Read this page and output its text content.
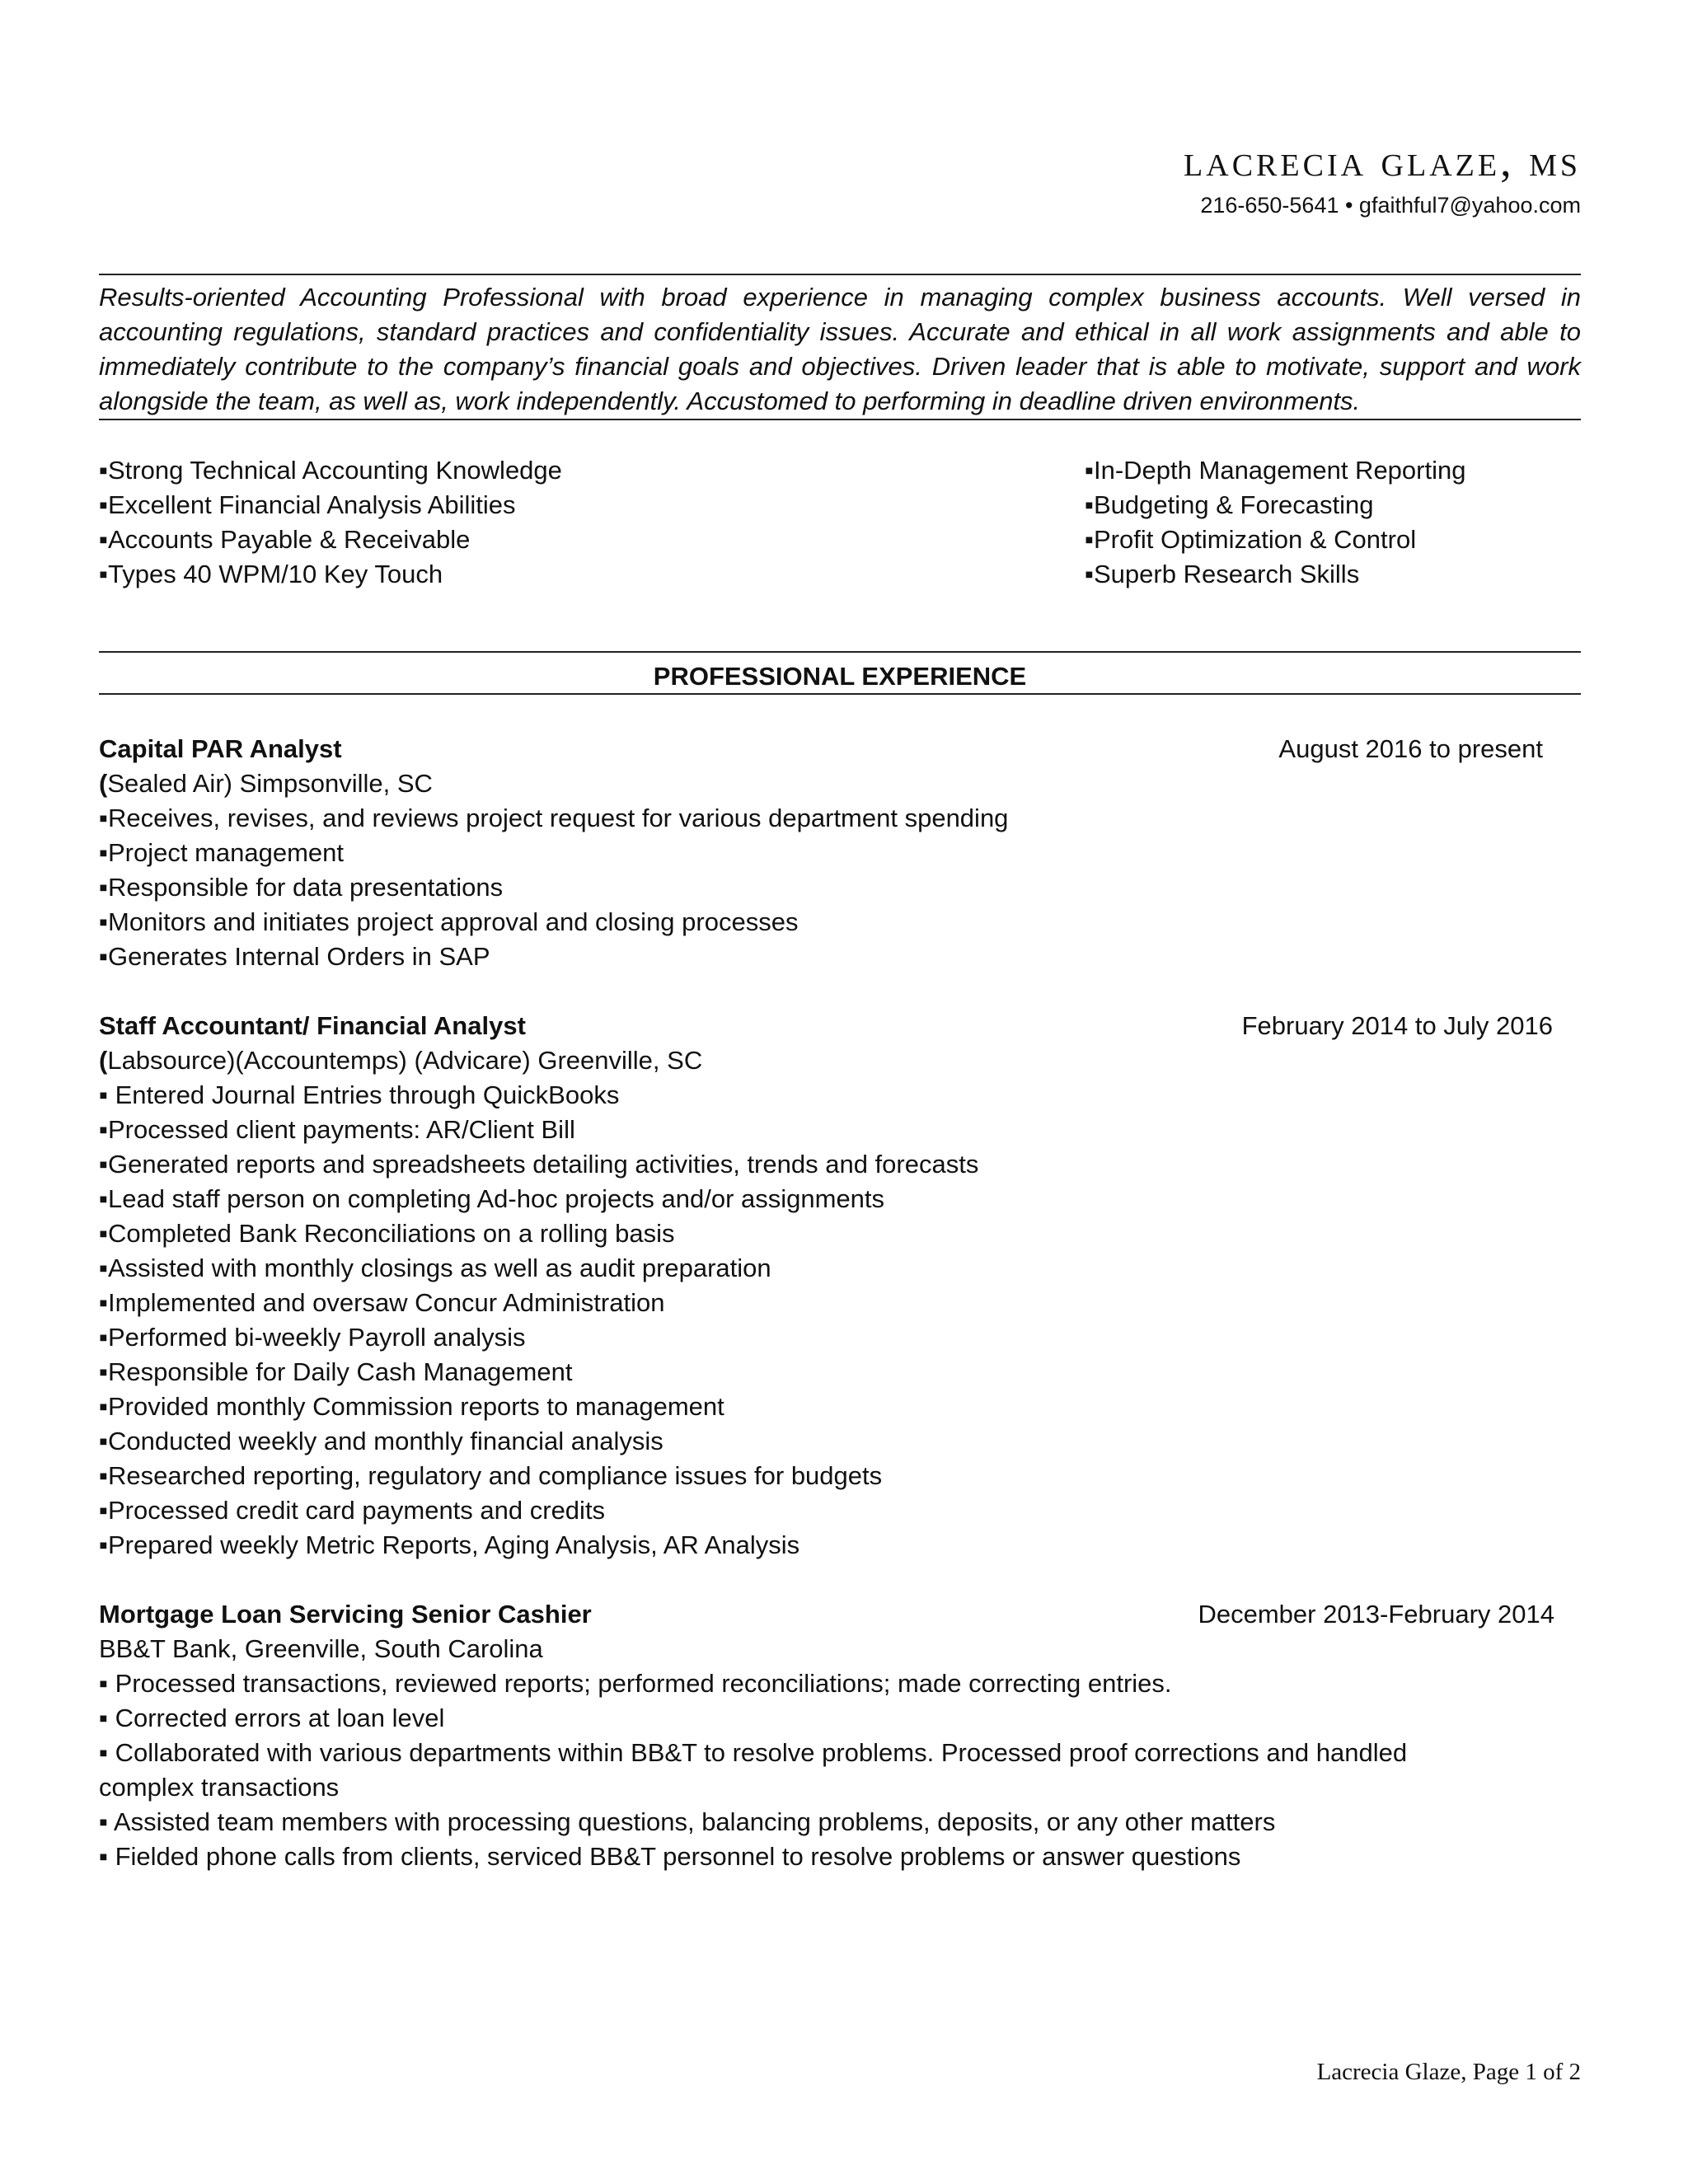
lacrecia glaze, ms
216-650-5641 • gfaithful7@yahoo.com

Results-oriented Accounting Professional with broad experience in managing complex business accounts. Well versed in accounting regulations, standard practices and confidentiality issues. Accurate and ethical in all work assignments and able to immediately contribute to the company’s financial goals and objectives. Driven leader that is able to motivate, support and work alongside the team, as well as, work independently. Accustomed to performing in deadline driven environments.

▪Strong Technical Accounting Knowledge
▪Excellent Financial Analysis Abilities
▪Accounts Payable & Receivable
▪Types 40 WPM/10 Key Touch
▪In-Depth Management Reporting
▪Budgeting & Forecasting
▪Profit Optimization & Control
▪Superb Research Skills
PROFESSIONAL EXPERIENCE
Capital PAR Analyst	August 2016 to present
(Sealed Air) Simpsonville, SC
▪Receives, revises, and reviews project request for various department spending
▪Project management
▪Responsible for data presentations
▪Monitors and initiates project approval and closing processes
▪Generates Internal Orders in SAP
Staff Accountant/ Financial Analyst	February 2014 to July 2016
(Labsource)(Accountemps) (Advicare) Greenville, SC
▪ Entered Journal Entries through QuickBooks
▪Processed client payments: AR/Client Bill
▪Generated reports and spreadsheets detailing activities, trends and forecasts
▪Lead staff person on completing Ad-hoc projects and/or assignments
▪Completed Bank Reconciliations on a rolling basis
▪Assisted with monthly closings as well as audit preparation
▪Implemented and oversaw Concur Administration
▪Performed bi-weekly Payroll analysis
▪Responsible for Daily Cash Management
▪Provided monthly Commission reports to management
▪Conducted weekly and monthly financial analysis
▪Researched reporting, regulatory and compliance issues for budgets
▪Processed credit card payments and credits
▪Prepared weekly Metric Reports, Aging Analysis, AR Analysis
Mortgage Loan Servicing Senior Cashier	December 2013-February 2014
BB&T Bank, Greenville, South Carolina
▪ Processed transactions, reviewed reports; performed reconciliations; made correcting entries.
▪ Corrected errors at loan level
▪ Collaborated with various departments within BB&T to resolve problems. Processed proof corrections and handled complex transactions
▪ Assisted team members with processing questions, balancing problems, deposits, or any other matters
▪ Fielded phone calls from clients, serviced BB&T personnel to resolve problems or answer questions
Lacrecia Glaze, Page 1 of 2
